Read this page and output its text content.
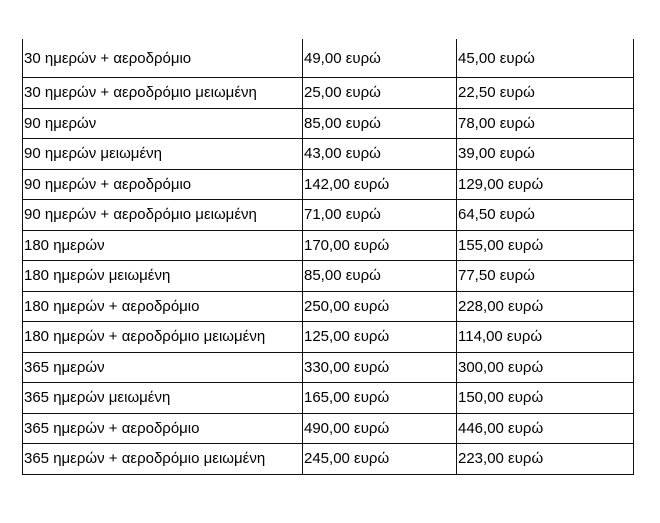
30 ημερών + αεροδρόμιο	49,00 ευρώ	45,00 ευρώ
30 ημερών + αεροδρόμιο μειωμένη	25,00 ευρώ	22,50 ευρώ
90 ημερών	85,00 ευρώ	78,00 ευρώ
90 ημερών μειωμένη	43,00 ευρώ	39,00 ευρώ
90 ημερών + αεροδρόμιο	142,00 ευρώ	129,00 ευρώ
90 ημερών + αεροδρόμιο μειωμένη	71,00 ευρώ	64,50 ευρώ
180 ημερών	170,00 ευρώ	155,00 ευρώ
180 ημερών μειωμένη	85,00 ευρώ	77,50 ευρώ
180 ημερών + αεροδρόμιο	250,00 ευρώ	228,00 ευρώ
180 ημερών + αεροδρόμιο μειωμένη	125,00 ευρώ	114,00 ευρώ
365 ημερών	330,00 ευρώ	300,00 ευρώ
365 ημερών μειωμένη	165,00 ευρώ	150,00 ευρώ
365 ημερών + αεροδρόμιο	490,00 ευρώ	446,00 ευρώ
365 ημερών + αεροδρόμιο μειωμένη	245,00 ευρώ	223,00 ευρώ
